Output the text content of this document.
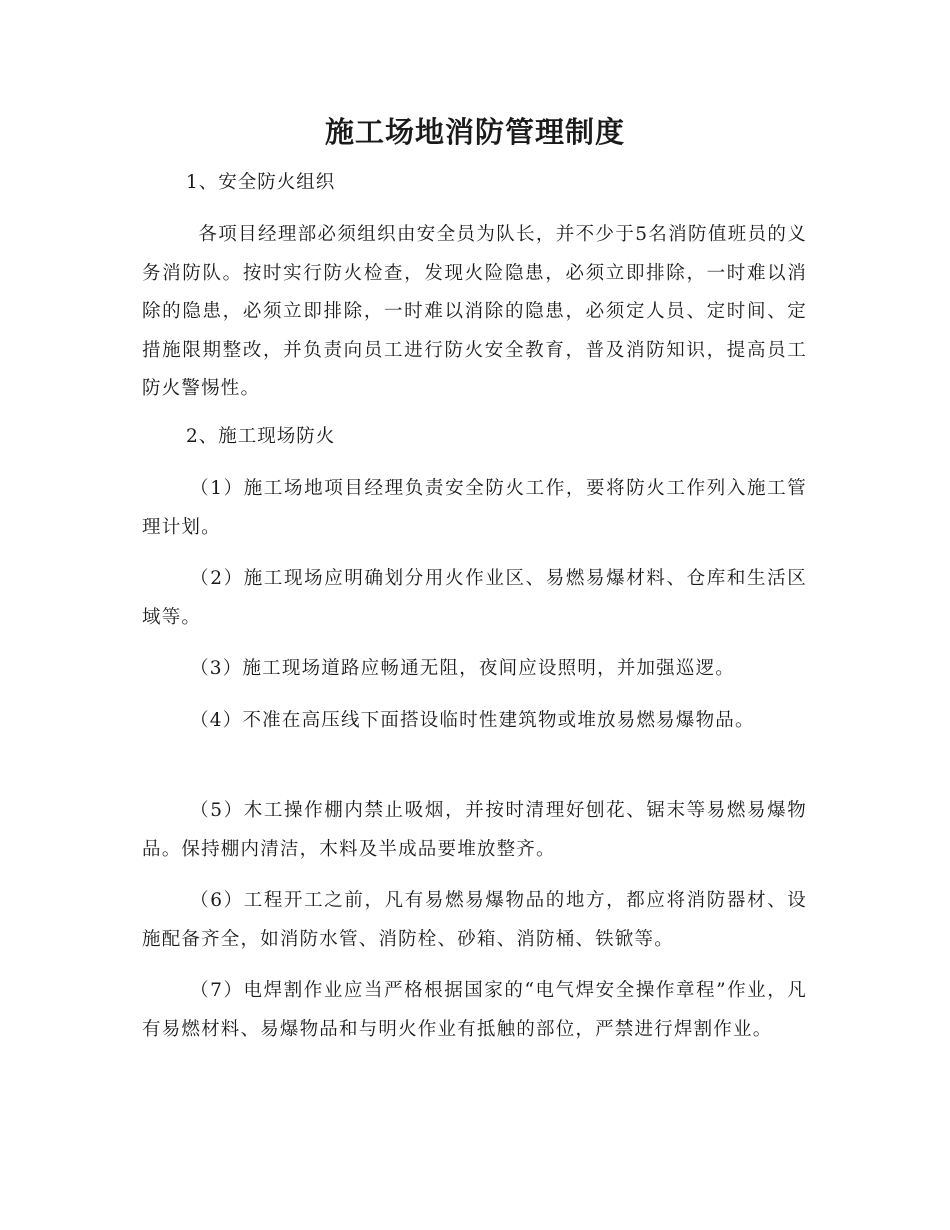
施工场地消防管理制度
1、安全防火组织
各项目经理部必须组织由安全员为队长，并不少于5名消防值班员的义务消防队。按时实行防火检查，发现火险隐患，必须立即排除，一时难以消除的隐患，必须立即排除，一时难以消除的隐患，必须定人员、定时间、定措施限期整改，并负责向员工进行防火安全教育，普及消防知识，提高员工防火警惕性。
2、施工现场防火
（1）施工场地项目经理负责安全防火工作，要将防火工作列入施工管理计划。
（2）施工现场应明确划分用火作业区、易燃易爆材料、仓库和生活区域等。
（3）施工现场道路应畅通无阻，夜间应设照明，并加强巡逻。
（4）不准在高压线下面搭设临时性建筑物或堆放易燃易爆物品。
（5）木工操作棚内禁止吸烟，并按时清理好刨花、锯末等易燃易爆物品。保持棚内清洁，木料及半成品要堆放整齐。
（6）工程开工之前，凡有易燃易爆物品的地方，都应将消防器材、设施配备齐全，如消防水管、消防栓、砂箱、消防桶、铁锨等。
（7）电焊割作业应当严格根据国家的“电气焊安全操作章程”作业，凡有易燃材料、易爆物品和与明火作业有抵触的部位，严禁进行焊割作业。
